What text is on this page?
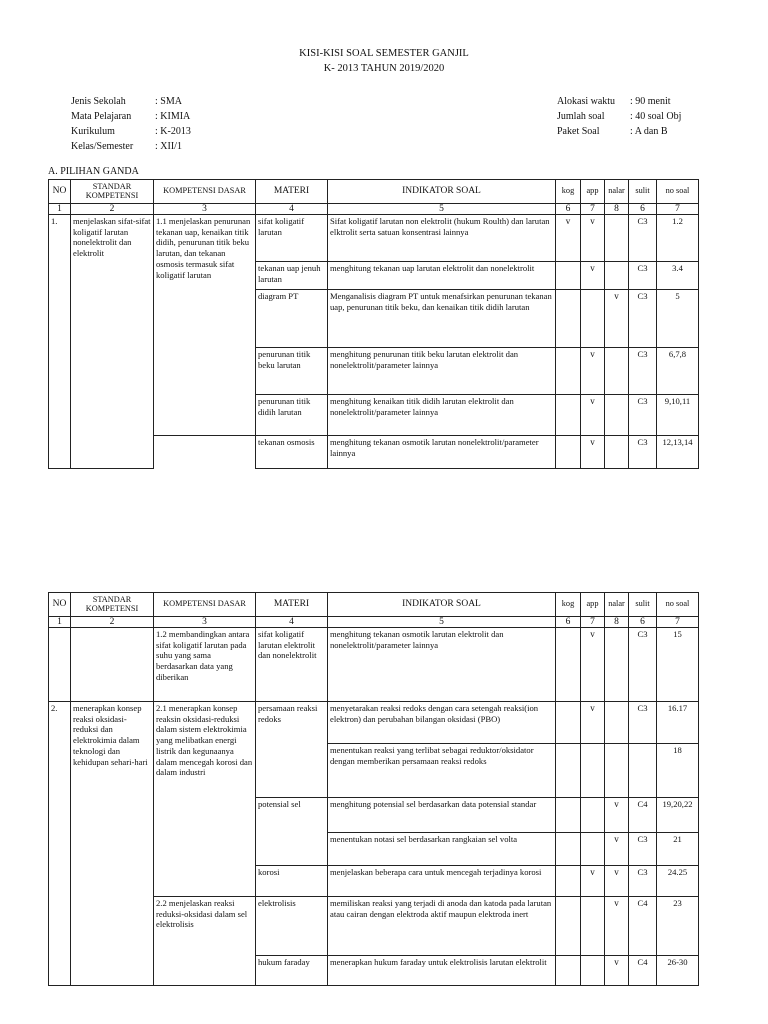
KISI-KISI SOAL SEMESTER GANJIL
K- 2013 TAHUN 2019/2020
Jenis Sekolah	: SMA
Mata Pelajaran : KIMIA
Kurikulum	: K-2013
Kelas/Semester : XII/1
Alokasi waktu : 90 menit
Jumlah soal	: 40 soal Obj
Paket Soal	: A dan B
A. PILIHAN GANDA
NO	STANDAR KOMPETENSI	KOMPETENSI DASAR	MATERI	INDIKATOR SOAL	kog	app	nalar	sulit	no soal
1	2	3	4	5	6	7	8	6	7
1.	menjelaskan sifat-sifat koligatif larutan nonelektrolit dan elektrolit	1.1 menjelaskan penurunan tekanan uap, kenaikan titik didih, penurunan titik beku larutan, dan tekanan osmosis termasuk sifat koligatif larutan	sifat koligatif larutan	Sifat koligatif larutan non elektrolit (hukum Roulth) dan larutan elktrolit serta satuan konsentrasi lainnya	v	v		C3	1.2
			tekanan uap jenuh larutan	menghitung tekanan uap larutan elektrolit dan nonelektrolit		v		C3	3.4
			diagram PT	Menganalisis diagram PT untuk menafsirkan penurunan tekanan uap, penurunan titik beku, dan kenaikan titik didih larutan			v	C3	5
			penurunan titik beku larutan	menghitung penurunan titik beku larutan elektrolit dan nonelektrolit/parameter lainnya		v		C3	6,7,8
			penurunan titik didih larutan	menghitung kenaikan titik didih larutan elektrolit dan nonelektrolit/parameter lainnya		v		C3	9,10,11
			tekanan osmosis	menghitung tekanan osmotik larutan nonelektrolit/parameter lainnya		v		C3	12,13,14
NO	STANDAR KOMPETENSI	KOMPETENSI DASAR	MATERI	INDIKATOR SOAL	kog	app	nalar	sulit	no soal
1	2	3	4	5	6	7	8	6	7
		1.2 membandingkan antara sifat koligatif larutan pada suhu yang sama berdasarkan data yang diberikan	sifat koligatif larutan elektrolit dan nonelektrolit	menghitung tekanan osmotik larutan elektrolit dan nonelektrolit/parameter lainnya		v		C3	15
2.	menerapkan konsep reaksi oksidasi-reduksi dan elektrokimia dalam teknologi dan kehidupan sehari-hari	2.1 menerapkan konsep reaksin oksidasi-reduksi dalam sistem elektrokimia yang melibatkan energi listrik dan kegunaanya dalam mencegah korosi dan dalam industri	persamaan reaksi redoks	menyetarakan reaksi redoks dengan cara setengah reaksi(ion elektron) dan perubahan bilangan oksidasi (PBO)		v		C3	16.17
				menentukan reaksi yang terlibat sebagai reduktor/oksidator dengan memberikan persamaan reaksi redoks					18
			potensial sel	menghitung potensial sel berdasarkan data potensial standar			v	C4	19,20,22
				menentukan notasi sel berdasarkan rangkaian sel volta			v	C3	21
			korosi	menjelaskan beberapa cara untuk mencegah terjadinya korosi		v	v	C3	24.25
		2.2 menjelaskan reaksi reduksi-oksidasi dalam sel elektrolisis	elektrolisis	memiliskan reaksi yang terjadi di anoda dan katoda pada larutan atau cairan dengan elektroda aktif maupun elektroda inert			v	C4	23
			hukum faraday	menerapkan hukum faraday untuk elektrolisis larutan elektrolit			v	C4	26-30
